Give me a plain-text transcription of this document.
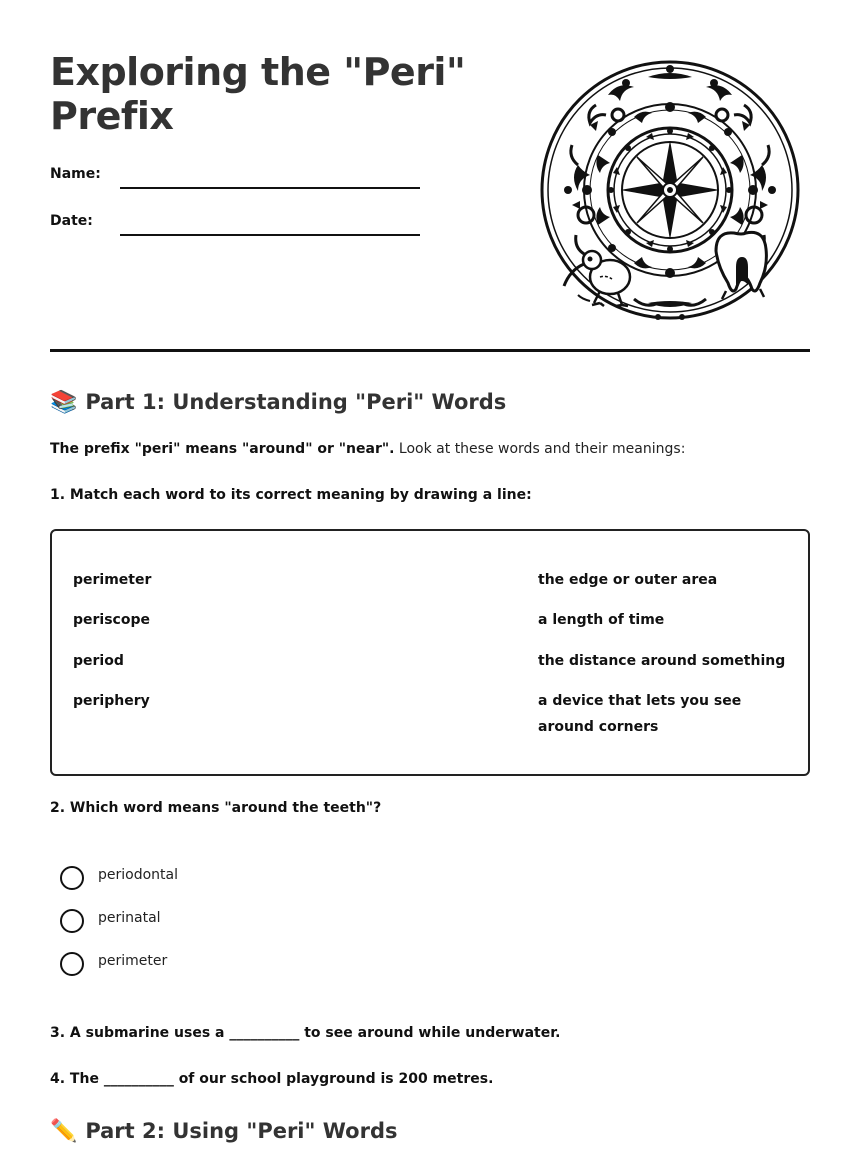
Exploring the "Peri" Prefix
Name:
Date:
📚 Part 1: Understanding "Peri" Words
The prefix "peri" means "around" or "near". Look at these words and their meanings:
1. Match each word to its correct meaning by drawing a line:
perimeter
periscope
period
periphery
the edge or outer area
a length of time
the distance around something
a device that lets you see around corners
2. Which word means "around the teeth"?
periodontal
perinatal
perimeter
3. A submarine uses a __________ to see around while underwater.
4. The __________ of our school playground is 200 metres.
✏️ Part 2: Using "Peri" Words
